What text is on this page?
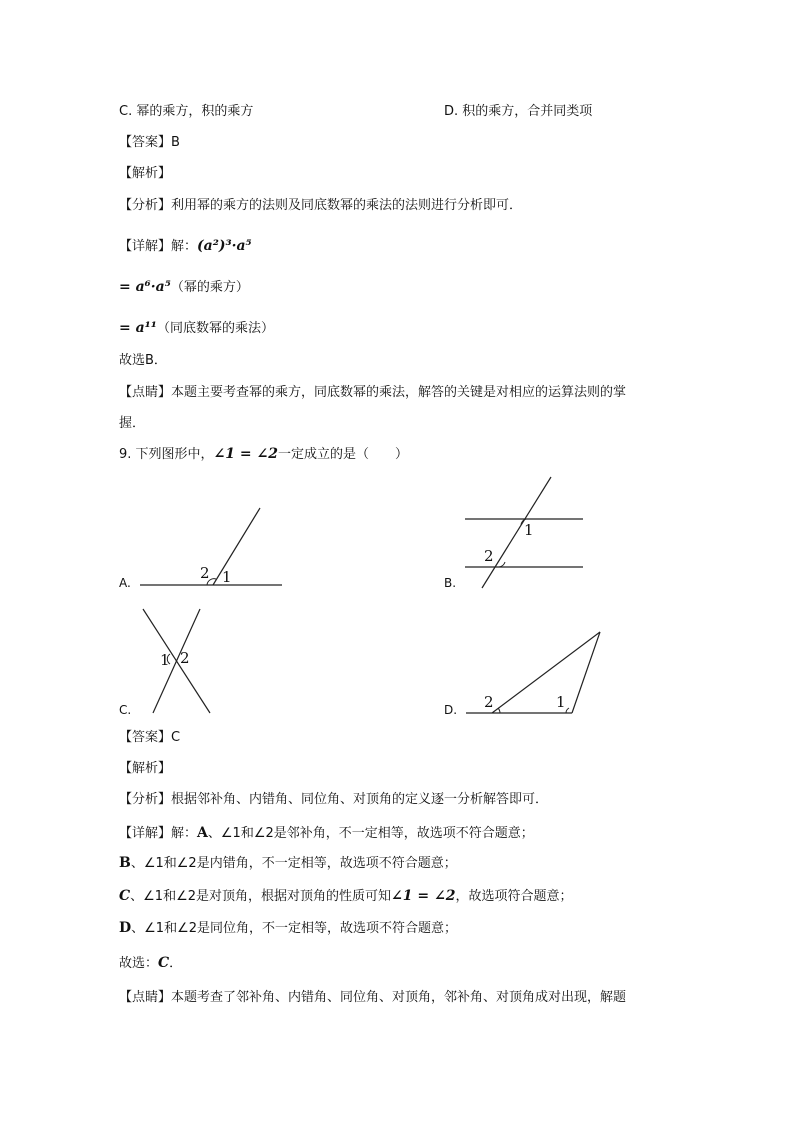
C. 幂的乘方，积的乘方	D. 积的乘方，合并同类项
【答案】B
【解析】
【分析】利用幂的乘方的法则及同底数幂的乘法的法则进行分析即可．
【详解】解：(a²)³·a⁵
= a⁶·a⁵（幂的乘方）
= a¹¹（同底数幂的乘法）
故选B．
【点睛】本题主要考查幂的乘方，同底数幂的乘法，解答的关键是对相应的运算法则的掌
握．
9. 下列图形中，∠1 = ∠2一定成立的是（　　）
A.	B.
C.	D.
2 1
1
2
1 2
2	1
【答案】C
【解析】
【分析】根据邻补角、内错角、同位角、对顶角的定义逐一分析解答即可．
【详解】解：A、∠1和∠2是邻补角，不一定相等，故选项不符合题意；
B、∠1和∠2是内错角，不一定相等，故选项不符合题意；
C、∠1和∠2是对顶角，根据对顶角的性质可知∠1 = ∠2，故选项符合题意；
D、∠1和∠2是同位角，不一定相等，故选项不符合题意；
故选：C．
【点睛】本题考查了邻补角、内错角、同位角、对顶角，邻补角、对顶角成对出现，解题
